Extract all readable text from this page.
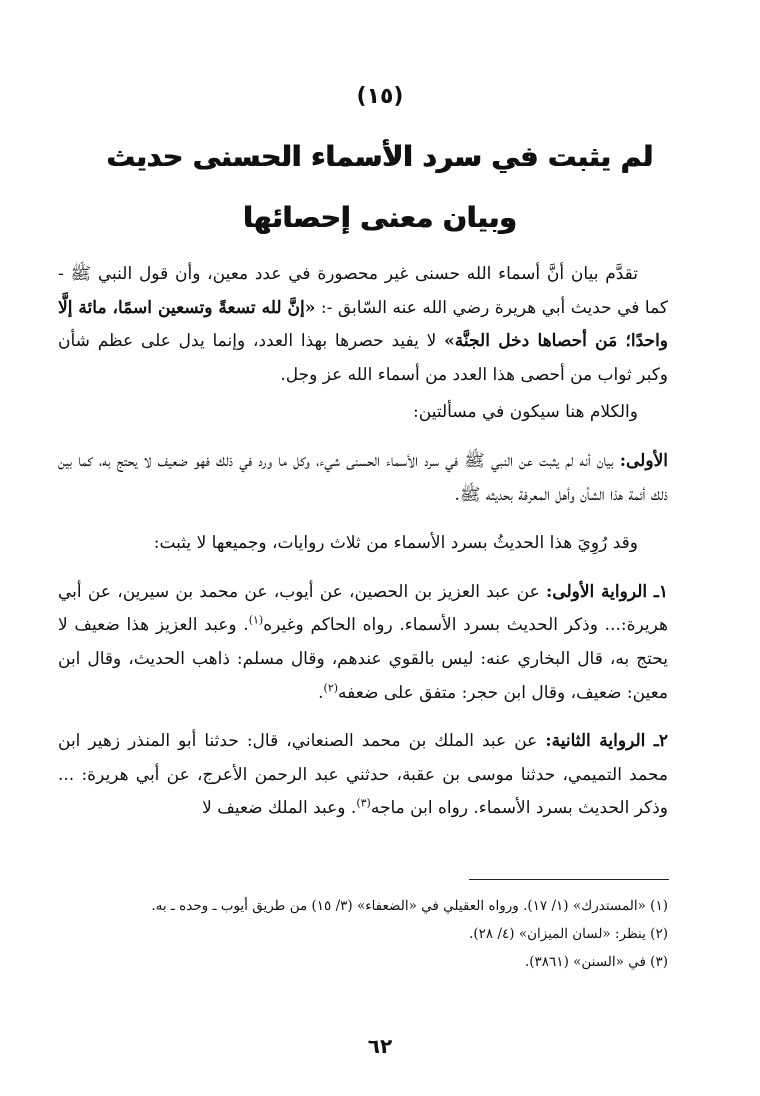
(١٥)
لم يثبت في سرد الأسماء الحسنى حديث
وبيان معنى إحصائها

تقدَّم بيان أنَّ أسماء الله حسنى غير محصورة في عدد معين، وأن قول النبي ﷺ - كما في حديث أبي هريرة رضي الله عنه السّابق -: «إنَّ لله تسعةً وتسعين اسمًا، مائة إلَّا واحدًا؛ مَن أحصاها دخل الجنَّة» لا يفيد حصرها بهذا العدد، وإنما يدل على عظم شأن وكبر ثواب من أحصى هذا العدد من أسماء الله عز وجل.

والكلام هنا سيكون في مسألتين:

الأولى: بيان أنه لم يثبت عن النبي ﷺ في سرد الأسماء الحسنى شيء، وكل ما ورد في ذلك فهو ضعيف لا يحتج به، كما بين ذلك أئمة هذا الشأن وأهل المعرفة بحديثه ﷺ.

وقد رُوِيَ هذا الحديثُ بسرد الأسماء من ثلاث روايات، وجميعها لا يثبت:

١ـ الرواية الأولى: عن عبد العزيز بن الحصين، عن أيوب، عن محمد بن سيرين، عن أبي هريرة:... وذكر الحديث بسرد الأسماء. رواه الحاكم وغيره$^{(١)}$. وعبد العزيز هذا ضعيف لا يحتج به، قال البخاري عنه: ليس بالقوي عندهم، وقال مسلم: ذاهب الحديث، وقال ابن معين: ضعيف، وقال ابن حجر: متفق على ضعفه$^{(٢)}$.

٢ـ الرواية الثانية: عن عبد الملك بن محمد الصنعاني، قال: حدثنا أبو المنذر زهير ابن محمد التميمي، حدثنا موسى بن عقبة، حدثني عبد الرحمن الأعرج، عن أبي هريرة: ... وذكر الحديث بسرد الأسماء. رواه ابن ماجه$^{(٣)}$. وعبد الملك ضعيف لا

(١) «المستدرك» (١/ ١٧). ورواه العقيلي في «الضعفاء» (٣/ ١٥) من طريق أيوب ـ وحده ـ به.

(٢) ينظر: «لسان الميزان» (٤/ ٢٨).

(٣) في «السنن» (٣٨٦١).

٦٢
